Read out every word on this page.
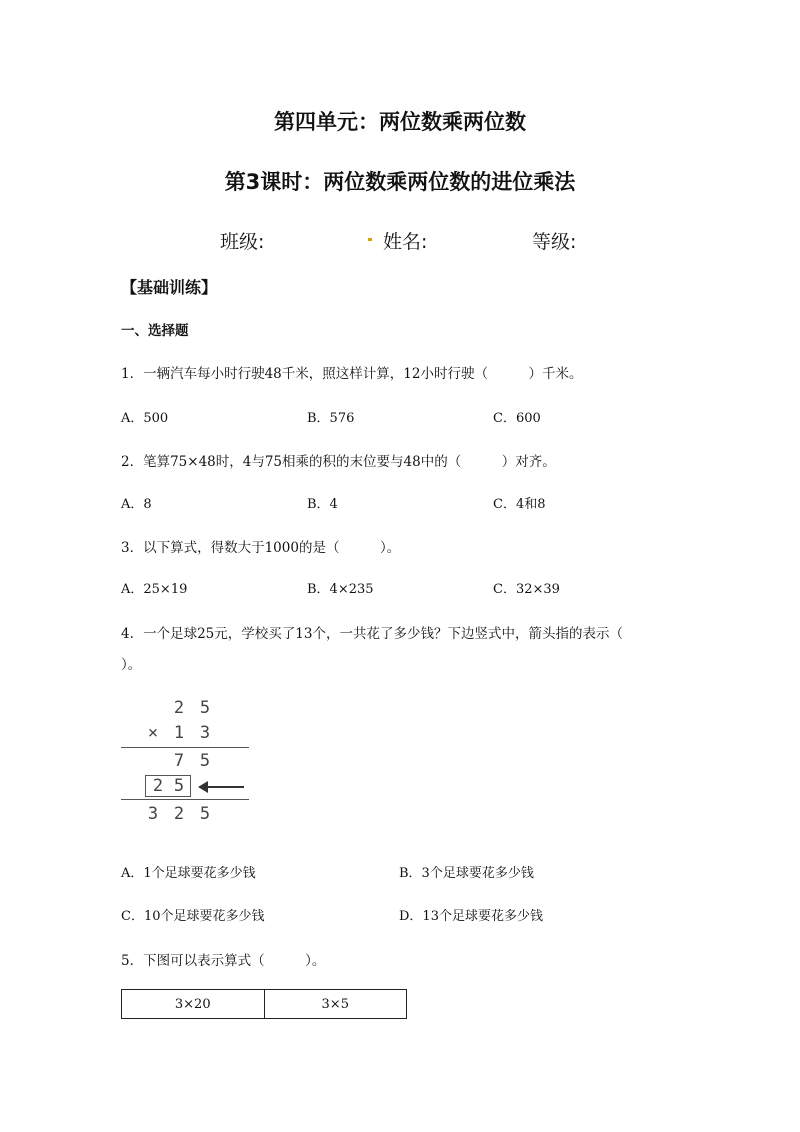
第四单元：两位数乘两位数
第3课时：两位数乘两位数的进位乘法
班级:	姓名:	等级:
【基础训练】
一、选择题
1．一辆汽车每小时行驶48千米，照这样计算，12小时行驶（　　　）千米。
A．500	B．576	C．600
2．笔算75×48时，4与75相乘的积的末位要与48中的（　　　）对齐。
A．8	B．4	C．4和8
3．以下算式，得数大于1000的是（　　　）。
A．25×19	B．4×235	C．32×39
4．一个足球25元，学校买了13个，一共花了多少钱？下边竖式中，箭头指的表示（
）。
2 5
× 1 3
7 5
2 5
3 2 5
A．1个足球要花多少钱	B．3个足球要花多少钱
C．10个足球要花多少钱	D．13个足球要花多少钱
5．下图可以表示算式（　　　）。
3×20	3×5
